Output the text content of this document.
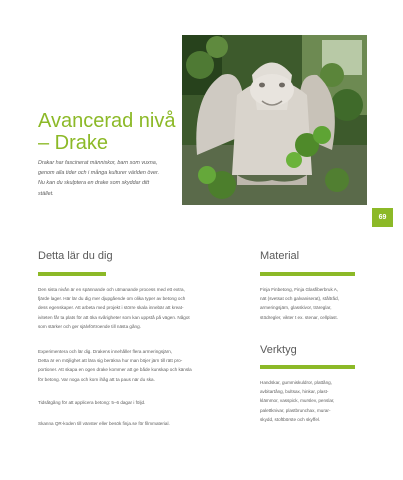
Avancerad nivå
– Drake

Drakar har fascinerat människor, barn som vuxna,
genom alla tider och i många kulturer världen över.
Nu kan du skulptera en drake som skyddar ditt
stället.

69
Detta lär du dig

Den sista nivån är en spännande och utmanande process med ett extra,
fjärde lager. Här lär du dig mer djupgående om olika typer av betong och
dess egenskaper. Att arbeta med projekt i större skala innebär att kreat-
iviteten får ta plats för att öka svårigheter som kan uppstå på vägen. Något
som stärker och ger självförtroende till nästa gång.

Experimentera och lär dig. Drakens innehåller flera armeringsjärn,
Detta är en möjlighet att lära sig beräkna hur man böjer järn till rätt pro-
portioner. Att skapa en ogen drake kommer att ge både kunskap och känsla
för betong. Var noga och kom ihåg att ta paus när du ska.

Tidsåtgång för att applicera betong: 5–6 dagar i följd.

Skanna QR-koden till vänster eller besök finja.se för filmmaterial.

Material

Finja Finbetong, Finja Glasfiberbruk A,
nät (svetsat och galvaniserat), ståltråd,
armeringsjärn, glasskivor, träreglar,
stödregler, vikter t ex. stenar, cellplast.

Verktyg

Handskar, gummiskuldror, plattång,
avbitartång, bultsax, hinkar, plast-
klämmor, vasspick, murslev, penslar,
palettknivar, plastbrunchax, murar-
skydd, stoftbörste och skyffel.
